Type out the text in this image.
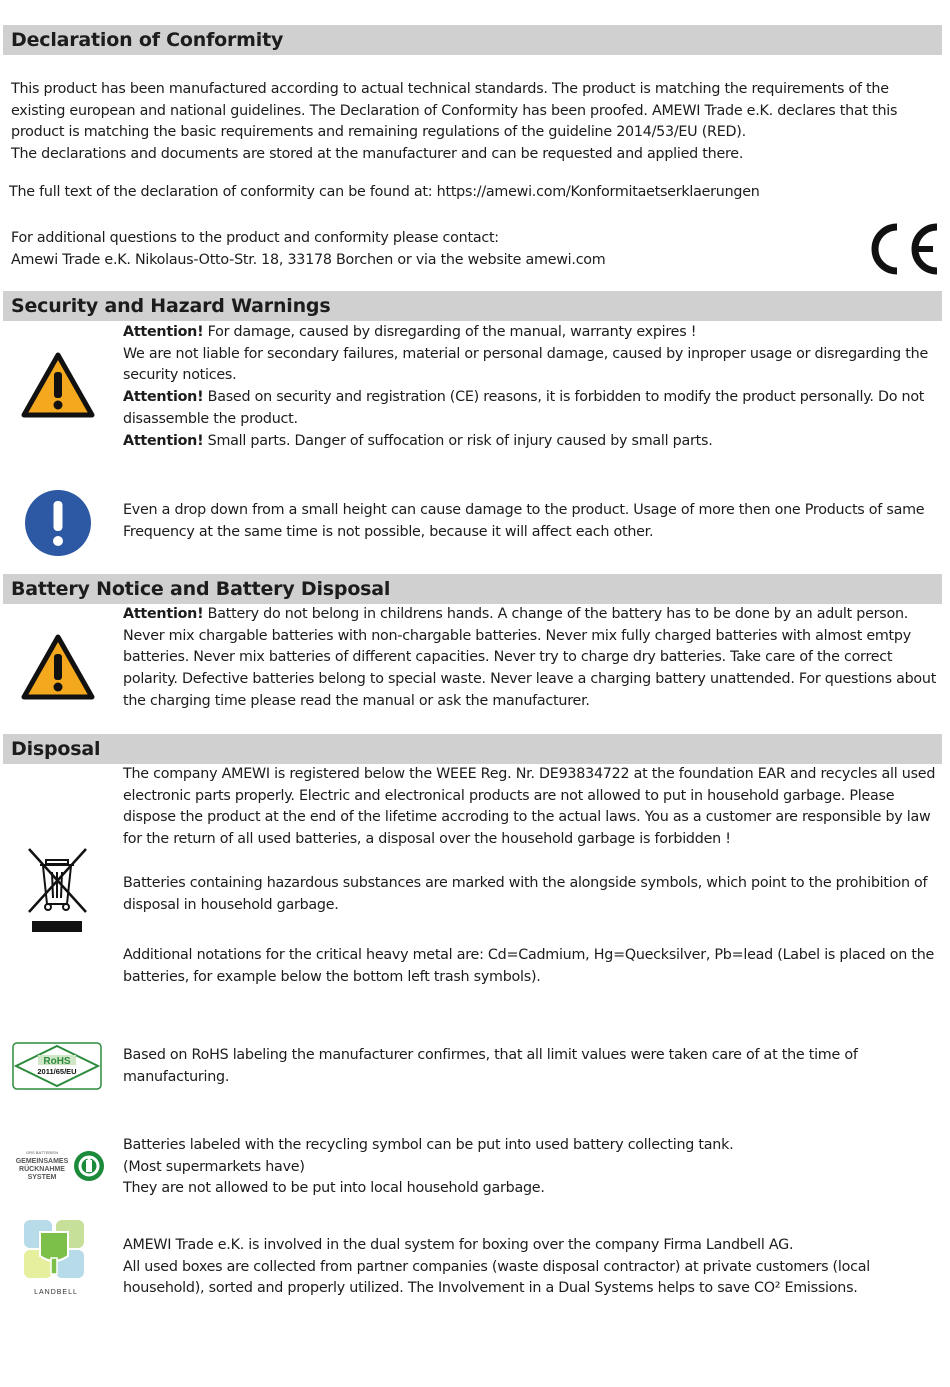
Declaration of Conformity

This product has been manufactured according to actual technical standards. The product is matching the requirements of the existing european and national guidelines. The Declaration of Conformity has been proofed. AMEWI Trade e.K. declares that this product is matching the basic requirements and remaining regulations of the guideline 2014/53/EU (RED).

The declarations and documents are stored at the manufacturer and can be requested and applied there.

The full text of the declaration of conformity can be found at: https://amewi.com/Konformitaetserklaerungen

For additional questions to the product and conformity please contact:

Amewi Trade e.K. Nikolaus-Otto-Str. 18, 33178 Borchen or via the website amewi.com

Security and Hazard Warnings

Attention! For damage, caused by disregarding of the manual, warranty expires !

We are not liable for secondary failures, material or personal damage, caused by inproper usage or disregarding the security notices.

Attention! Based on security and registration (CE) reasons, it is forbidden to modify the product personally. Do not disassemble the product.

Attention! Small parts. Danger of suffocation or risk of injury caused by small parts.

Even a drop down from a small height can cause damage to the product. Usage of more then one Products of same Frequency at the same time is not possible, because it will affect each other.
Battery Notice and Battery Disposal

Attention! Battery do not belong in childrens hands. A change of the battery has to be done by an adult person. Never mix chargable batteries with non-chargable batteries. Never mix fully charged batteries with almost emtpy batteries. Never mix batteries of different capacities. Never try to charge dry batteries. Take care of the correct polarity. Defective batteries belong to special waste. Never leave a charging battery unattended. For questions about the charging time please read the manual or ask the manufacturer.

Disposal
The company AMEWI is registered below the WEEE Reg. Nr. DE93834722 at the foundation EAR and recycles all used electronic parts properly. Electric and electronical products are not allowed to put in household garbage. Please dispose the product at the end of the lifetime accroding to the actual laws. You as a customer are responsible by law for the return of all used batteries, a disposal over the household garbage is forbidden !
Batteries containing hazardous substances are marked with the alongside symbols, which point to the prohibition of disposal in household garbage.
Additional notations for the critical heavy metal are: Cd=Cadmium, Hg=Quecksilver, Pb=lead (Label is placed on the batteries, for example below the bottom left trash symbols).
RoHS
2011/65/EU
Based on RoHS labeling the manufacturer confirmes, that all limit values were taken care of at the time of manufacturing.
GRS BATTERIEN
GEMEINSAMES
RÜCKNAHME
SYSTEM

Batteries labeled with the recycling symbol can be put into used battery collecting tank.

(Most supermarkets have)

They are not allowed to be put into local household garbage.

LANDBELL

AMEWI Trade e.K. is involved in the dual system for boxing over the company Firma Landbell AG.

All used boxes are collected from partner companies (waste disposal contractor) at private customers (local household), sorted and properly utilized. The Involvement in a Dual Systems helps to save CO² Emissions.
